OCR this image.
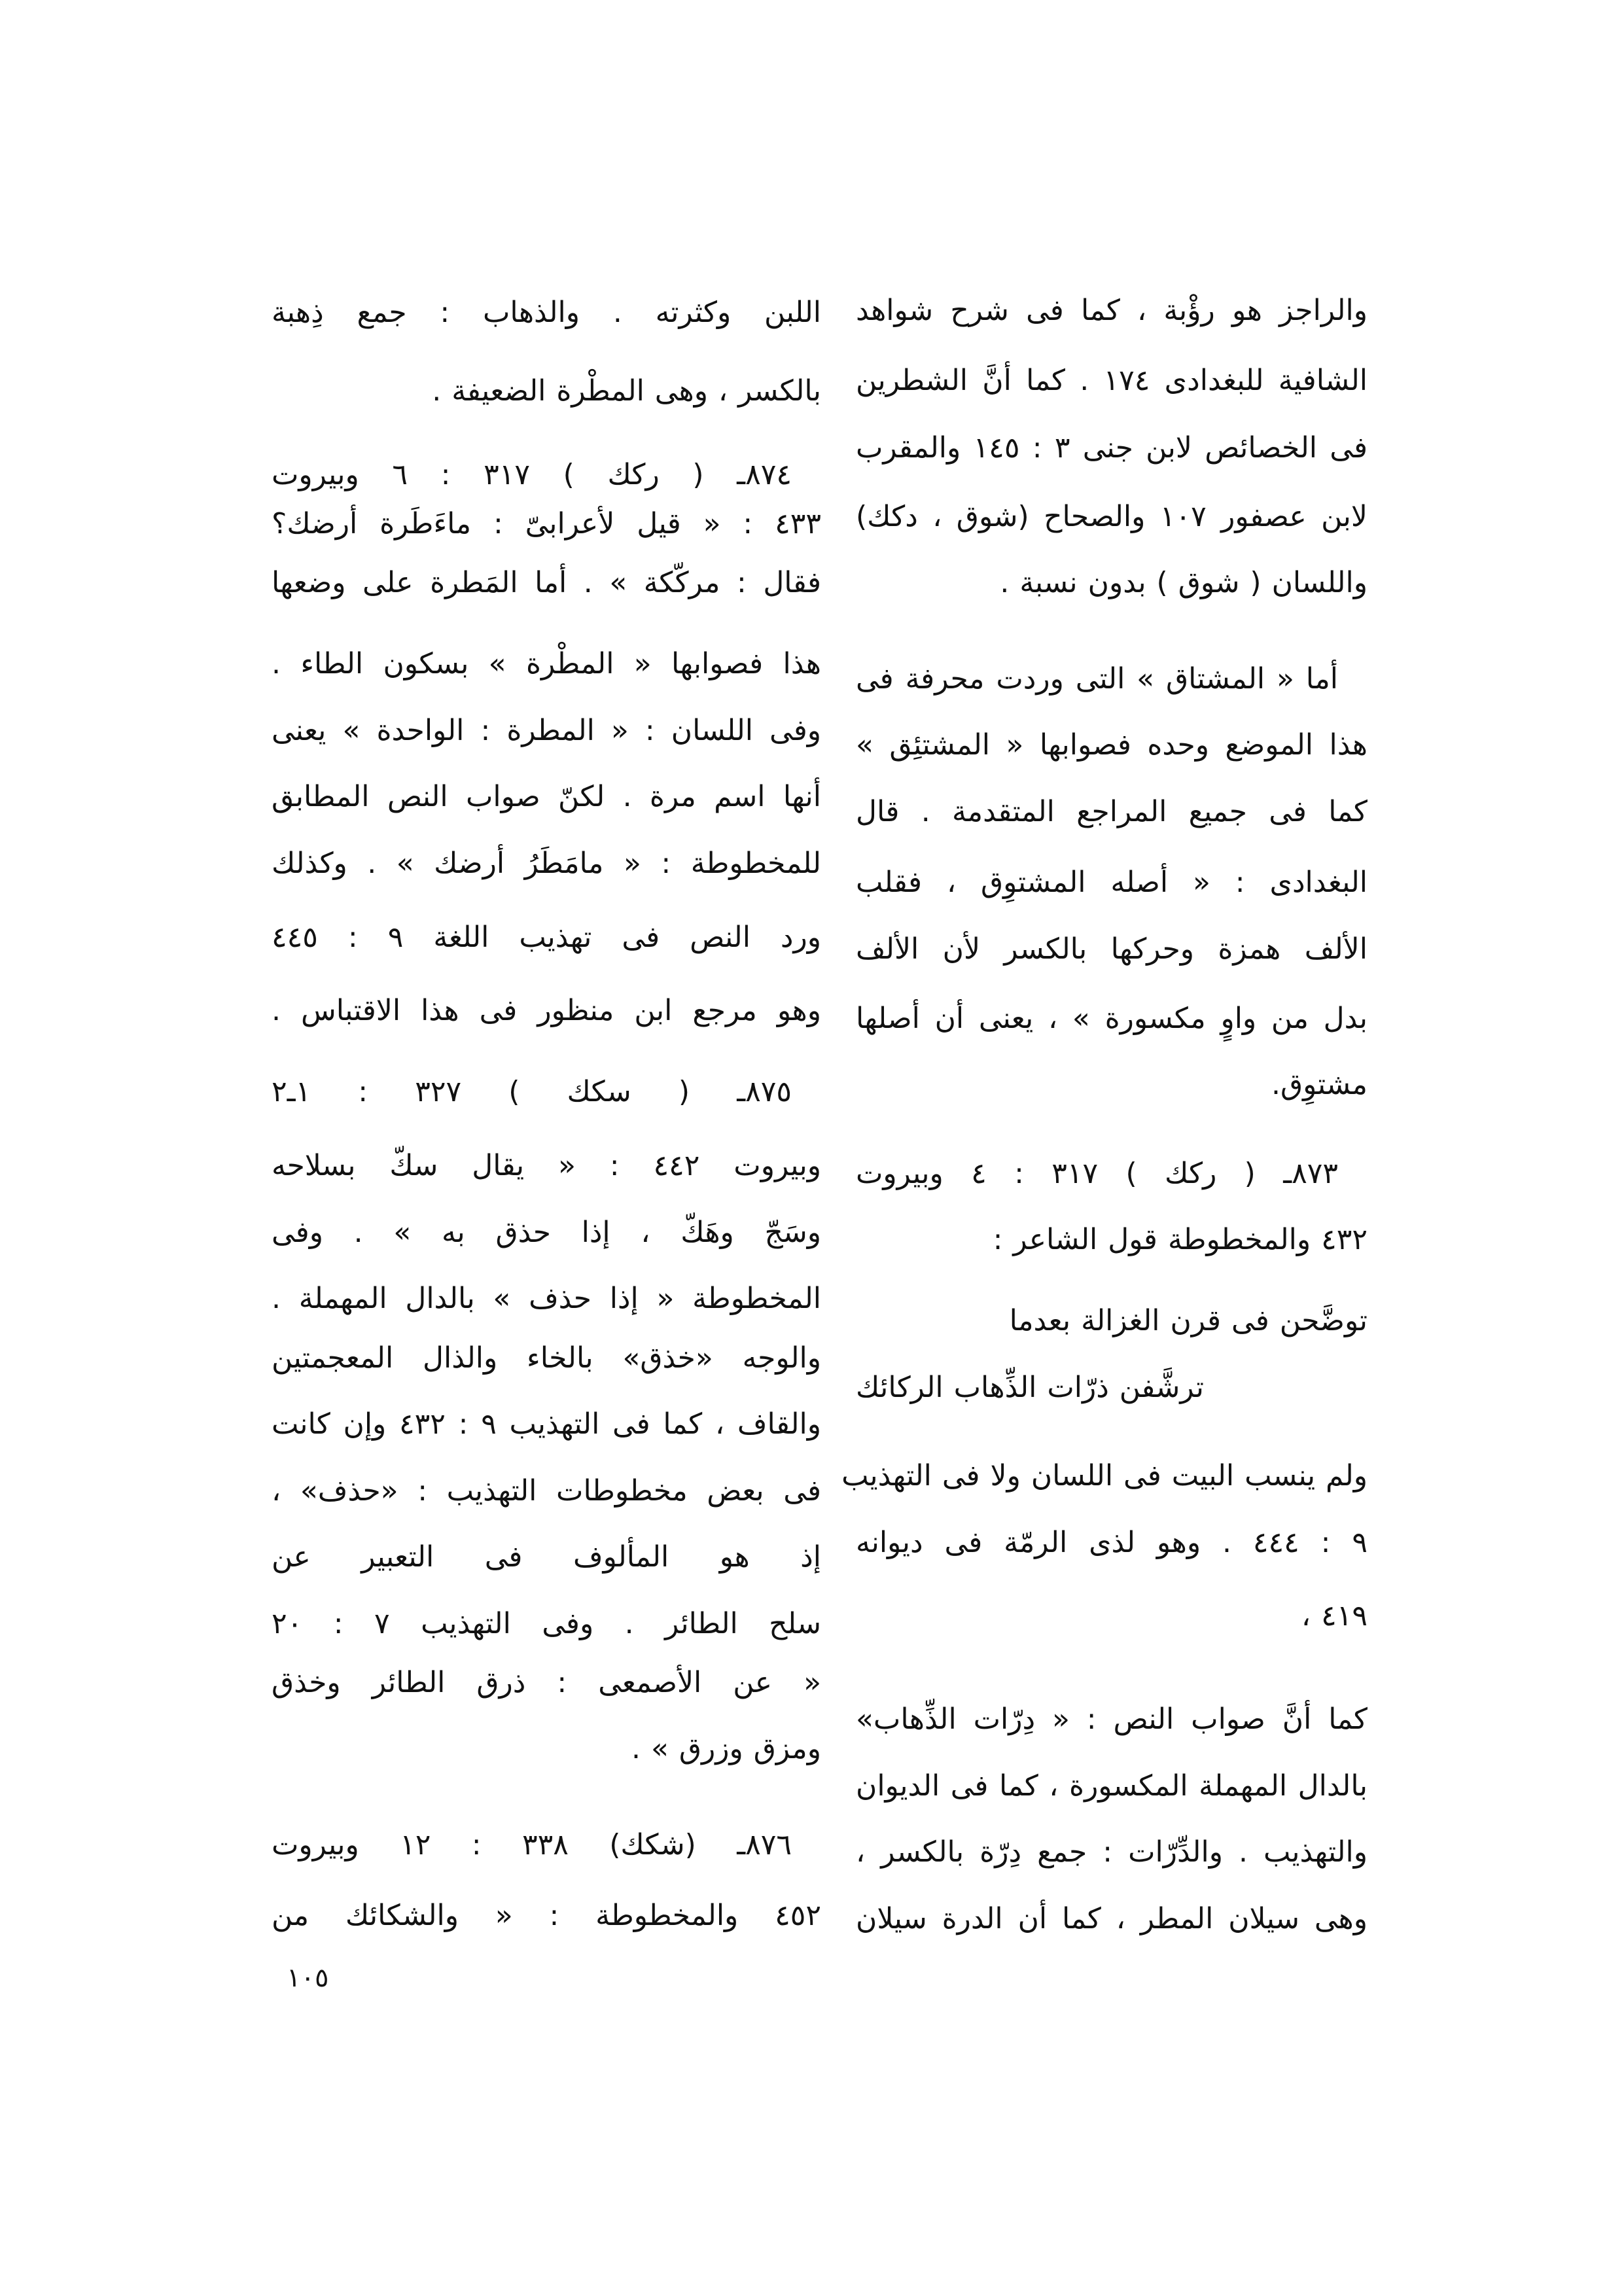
والراجز هو رؤْبة ، كما فى شرح شواهد
الشافية للبغدادى ١٧٤ . كما أنَّ الشطرين
فى الخصائص لابن جنى ٣ : ١٤٥ والمقرب
لابن عصفور ١٠٧ والصحاح (شوق ، دكك)
واللسان ( شوق ) بدون نسبة .
أما « المشتاق » التى وردت محرفة فى
هذا الموضع وحده فصوابها « المشتئِق »
كما فى جميع المراجع المتقدمة . قال
البغدادى : « أصله المشتوِق ، فقلب
الألف همزة وحركها بالكسر لأن الألف
بدل من واوٍ مكسورة » ، يعنى أن أصلها
مشتوِق.
٨٧٣ـ ( ركك ) ٣١٧ : ٤ وبيروت
٤٣٢ والمخطوطة قول الشاعر :
توضَّحن فى قرن الغزالة بعدما
ترشَّفن ذرّات الذِّهاب الركائك
ولم ينسب البيت فى اللسان ولا فى التهذيب
٩ : ٤٤٤ . وهو لذى الرمّة فى ديوانه
٤١٩ ،
كما أنَّ صواب النص : « دِرّات الذِّهاب»
بالدال المهملة المكسورة ، كما فى الديوان
والتهذيب . والدِّرّات : جمع دِرّة بالكسر ،
وهى سيلان المطر ، كما أن الدرة سيلان
اللبن وكثرته . والذهاب : جمع ذِهبة
بالكسر ، وهى المطْرة الضعيفة .
٨٧٤ـ ( ركك ) ٣١٧ : ٦ وبيروت
٤٣٣ : « قيل لأعرابىّ : ماءَطَرة أرضك؟
فقال : مركّكة » . أما المَطرة على وضعها
هذا فصوابها « المطْرة » بسكون الطاء .
وفى اللسان : « المطرة : الواحدة » يعنى
أنها اسم مرة . لكنّ صواب النص المطابق
للمخطوطة : « مامَطَرُ أرضك » . وكذلك
ورد النص فى تهذيب اللغة ٩ : ٤٤٥
وهو مرجع ابن منظور فى هذا الاقتباس .
٨٧٥ـ ( سكك ) ٣٢٧ : ١ـ٢
وبيروت ٤٤٢ : « يقال سكّ بسلاحه
وسَجّ وهَكّ ، إذا حذق به » . وفى
المخطوطة « إذا حذف » بالدال المهملة .
والوجه «خذق» بالخاء والذال المعجمتين
والقاف ، كما فى التهذيب ٩ : ٤٣٢ وإن كانت
فى بعض مخطوطات التهذيب : «حذف» ،
إذ هو المألوف فى التعبير عن
سلح الطائر . وفى التهذيب ٧ : ٢٠
« عن الأصمعى : ذرق الطائر وخذق
ومزق وزرق » .
٨٧٦ـ (شكك) ٣٣٨ : ١٢ وبيروت
٤٥٢ والمخطوطة : « والشكائك من
١٠٥
